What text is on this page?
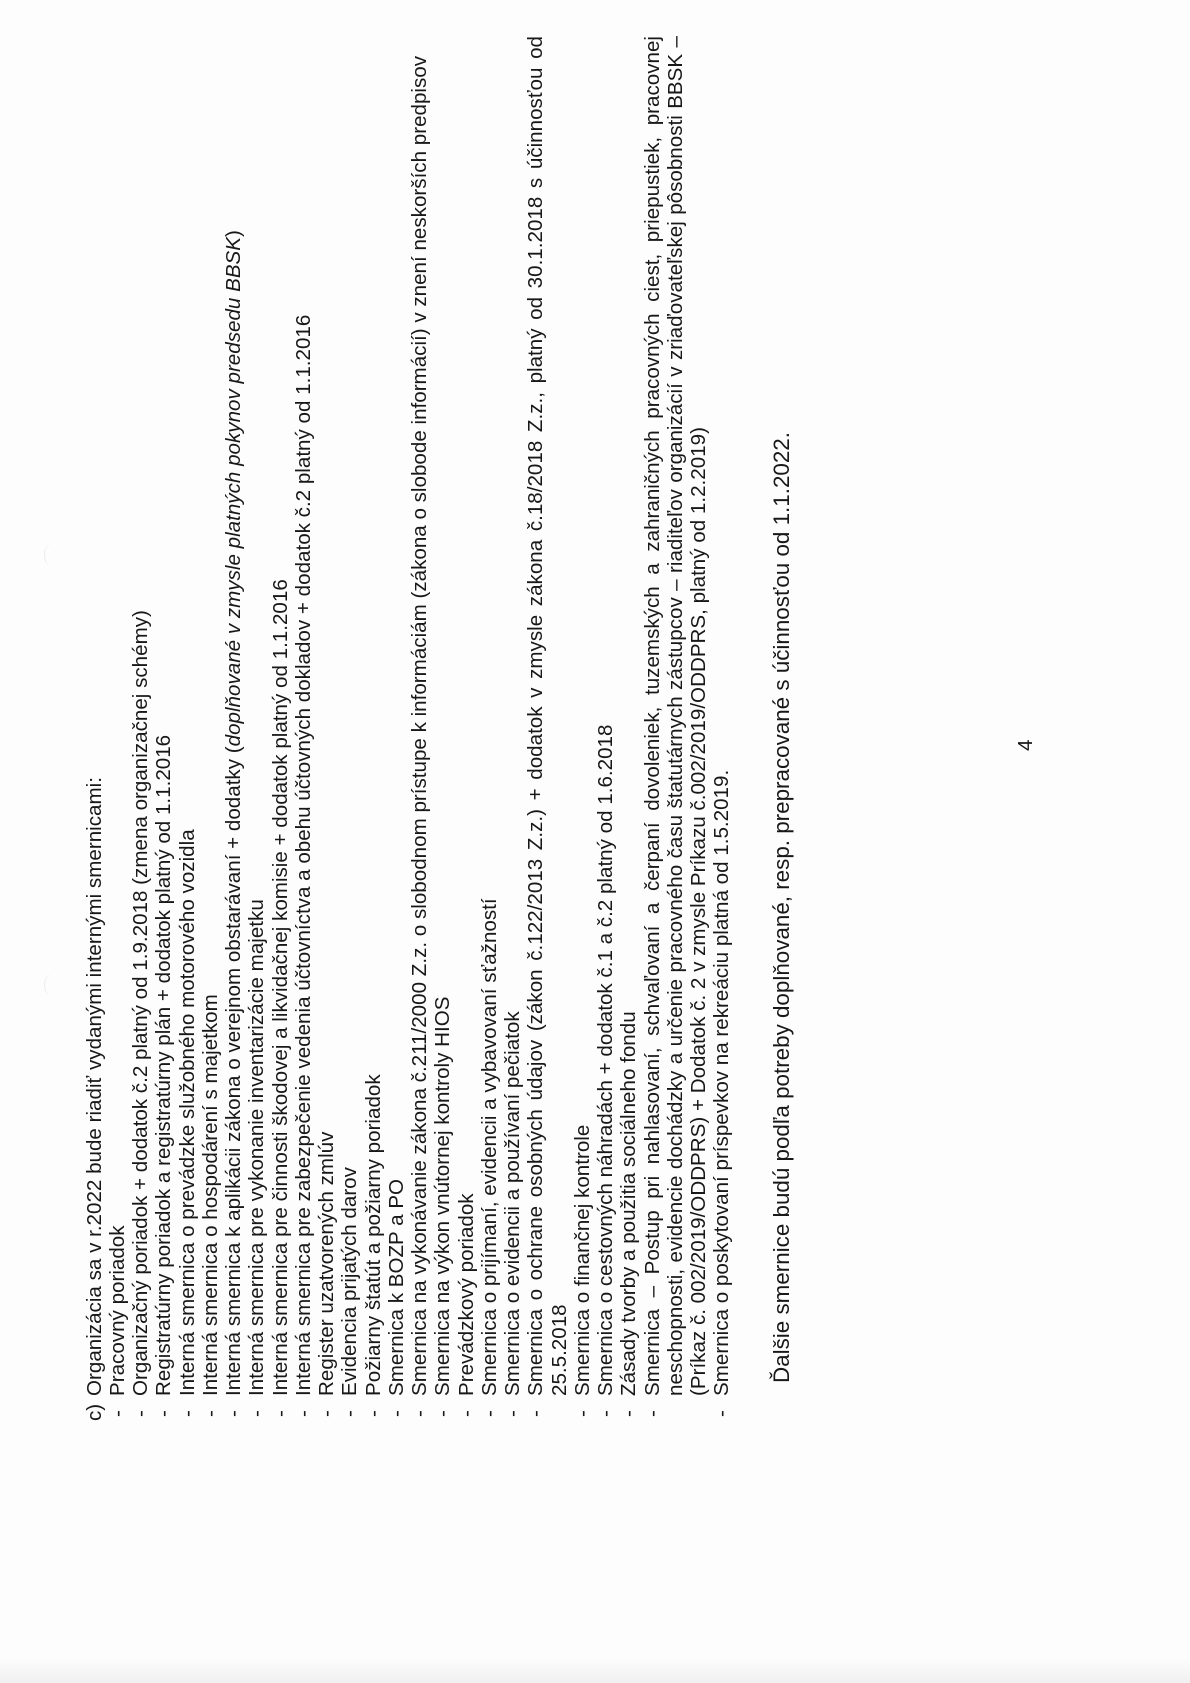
c)
Organizácia sa v r.2022 bude riadiť vydanými internými smernicami:
-
Pracovný poriadok
-
Organizačný poriadok + dodatok č.2 platný od 1.9.2018 (zmena organizačnej schémy)
-
Registratúrny poriadok a registratúrny plán + dodatok platný od 1.1.2016
-
Interná smernica o prevádzke služobného motorového vozidla
-
Interná smernica o hospodárení s majetkom
-
Interná smernica k aplikácii zákona o verejnom obstarávaní + dodatky (doplňované v zmysle platných pokynov predsedu BBSK)
-
Interná smernica pre vykonanie inventarizácie majetku
-
Interná smernica pre činnosti škodovej a likvidačnej komisie + dodatok platný od 1.1.2016
-
Interná smernica pre zabezpečenie vedenia účtovníctva a obehu účtovných dokladov + dodatok č.2 platný od 1.1.2016
-
Register uzatvorených zmlúv
-
Evidencia prijatých darov
-
Požiarny štatút a požiarny poriadok
-
Smernica k BOZP a PO
-
Smernica na vykonávanie zákona č.211/2000 Z.z. o slobodnom prístupe k informáciám (zákona o slobode informácií) v znení neskorších predpisov
-
Smernica na výkon vnútornej kontroly HIOS
-
Prevádzkový poriadok
-
Smernica o prijímaní, evidencii a vybavovaní sťažností
-
Smernica o evidencii a používaní pečiatok
-
Smernica o ochrane osobných údajov (zákon č.122/2013 Z.z.) + dodatok v zmysle zákona č.18/2018 Z.z., platný od 30.1.2018 s účinnosťou od 25.5.2018
-
Smernica o finančnej kontrole
-
Smernica o cestovných náhradách + dodatok č.1 a č.2 platný od 1.6.2018
-
Zásady tvorby a použitia sociálneho fondu
-
Smernica – Postup pri nahlasovaní, schvaľovaní a čerpaní dovoleniek, tuzemských a zahraničných pracovných ciest, priepustiek, pracovnej neschopnosti, evidencie dochádzky a určenie pracovného času štatutárnych zástupcov – riaditeľov organizácií v zriaďovateľskej pôsobnosti BBSK – (Príkaz č. 002/2019/ODDPRS) + Dodatok č. 2 v zmysle Príkazu č.002/2019/ODDPRS, platný od 1.2.2019)
-
Smernica o poskytovaní príspevkov na rekreáciu platná od 1.5.2019. Ďalšie smernice budú podľa potreby doplňované, resp. prepracované s účinnosťou od 1.1.2022.	4
